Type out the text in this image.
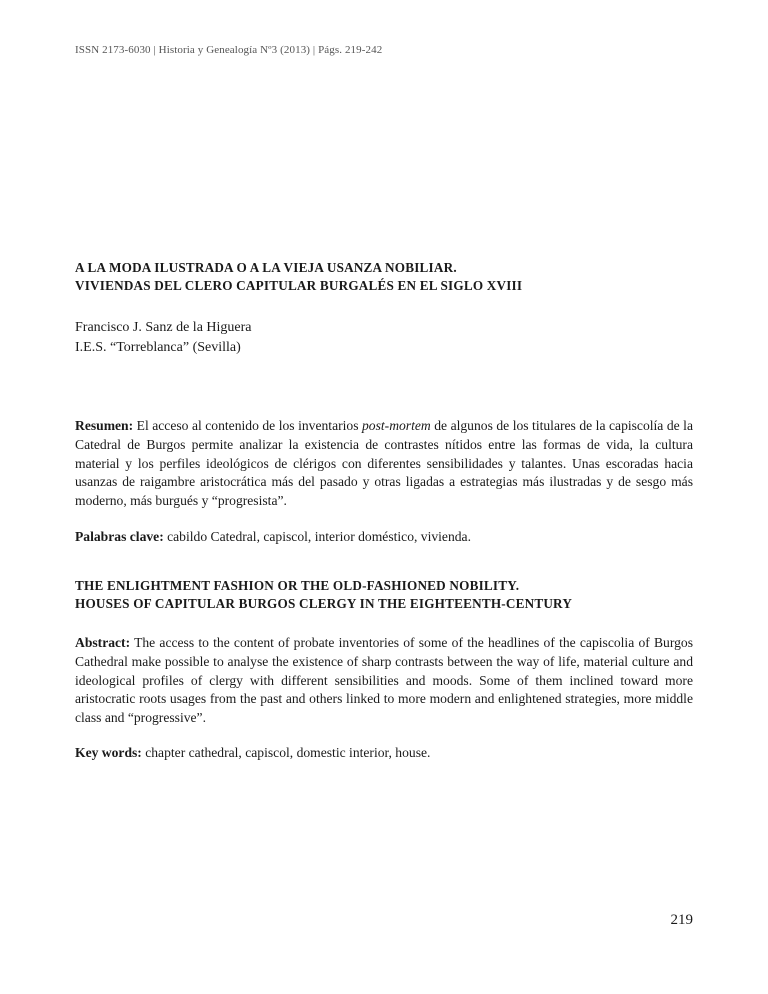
ISSN 2173-6030 | Historia y Genealogía Nº3 (2013) | Págs. 219-242
A LA MODA ILUSTRADA O A LA VIEJA USANZA NOBILIAR.
VIVIENDAS DEL CLERO CAPITULAR BURGALÉS EN EL SIGLO XVIII
Francisco J. Sanz de la Higuera
I.E.S. “Torreblanca” (Sevilla)
Resumen: El acceso al contenido de los inventarios post-mortem de algunos de los titulares de la capiscolía de la Catedral de Burgos permite analizar la existencia de contrastes nítidos entre las formas de vida, la cultura material y los perfiles ideológicos de clérigos con diferentes sensibilidades y talantes. Unas escoradas hacia usanzas de raigambre aristocrática más del pasado y otras ligadas a estrategias más ilustradas y de sesgo más moderno, más burgués y “progresista”.
Palabras clave: cabildo Catedral, capiscol, interior doméstico, vivienda.
THE ENLIGHTMENT FASHION OR THE OLD-FASHIONED NOBILITY.
HOUSES OF CAPITULAR BURGOS CLERGY IN THE EIGHTEENTH-CENTURY
Abstract: The access to the content of probate inventories of some of the headlines of the capiscolia of Burgos Cathedral make possible to analyse the existence of sharp contrasts between the way of life, material culture and ideological profiles of clergy with different sensibilities and moods. Some of them inclined toward more aristocratic roots usages from the past and others linked to more modern and enlightened strategies, more middle class and “progressive”.
Key words: chapter cathedral, capiscol, domestic interior, house.
219
